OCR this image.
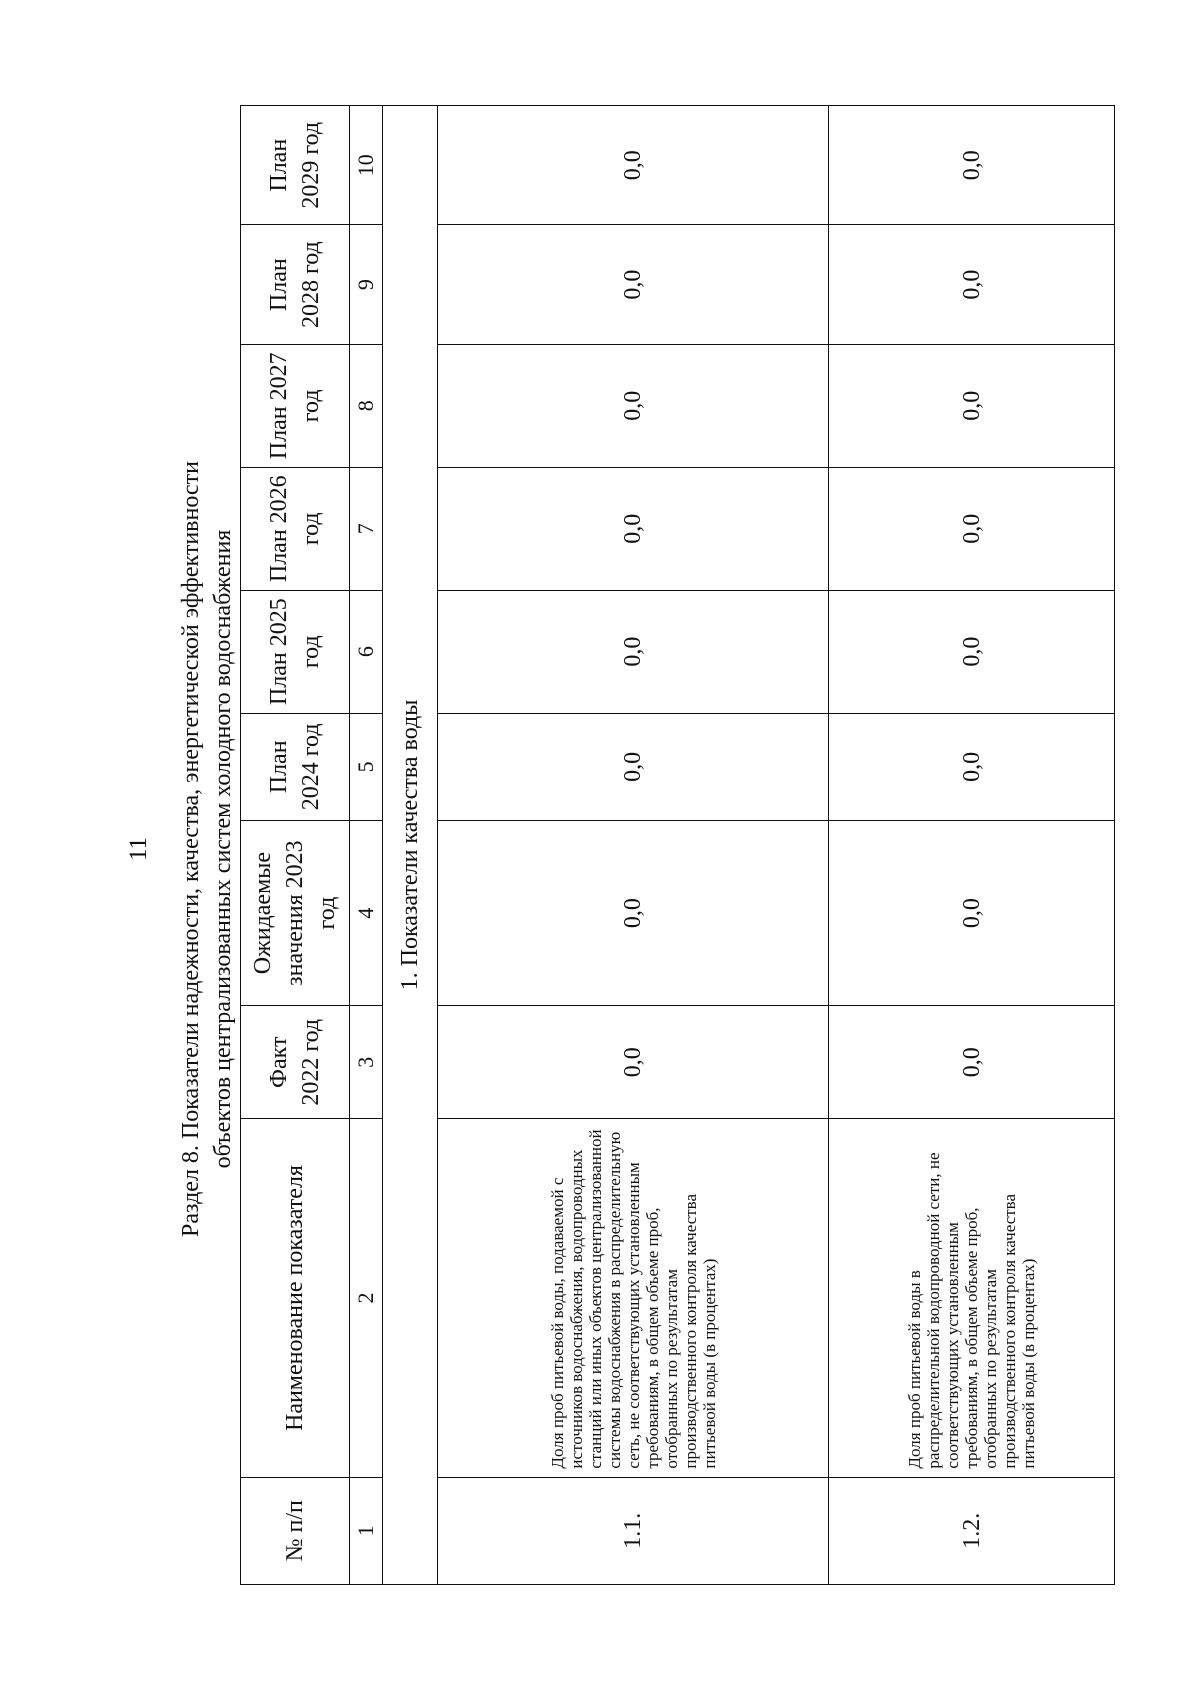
11 Раздел 8. Показатели надежности, качества, энергетической эффективности объектов централизованных систем холодного водоснабжения
№ п/п	Наименование показателя	Факт 2022 год	Ожидаемые значения 2023 год	План 2024 год	План 2025 год	План 2026 год	План 2027 год	План 2028 год	План 2029 год
1	2	3	4	5	6	7	8	9	10
1. Показатели качества воды									
1.1.	Доля проб питьевой воды, подаваемой с источников водоснабжения, водопроводных станций или иных объектов централизованной системы водоснабжения в распределительную сеть, не соответствующих установленным требованиям, в общем объеме проб, отобранных по результатам производственного контроля качества питьевой воды (в процентах)	0,0	0,0	0,0	0,0	0,0	0,0	0,0	0,0
1.2.	Доля проб питьевой воды в распределительной водопроводной сети, не соответствующих установленным требованиям, в общем объеме проб, отобранных по результатам производственного контроля качества питьевой воды (в процентах)	0,0	0,0	0,0	0,0	0,0	0,0	0,0	0,0
